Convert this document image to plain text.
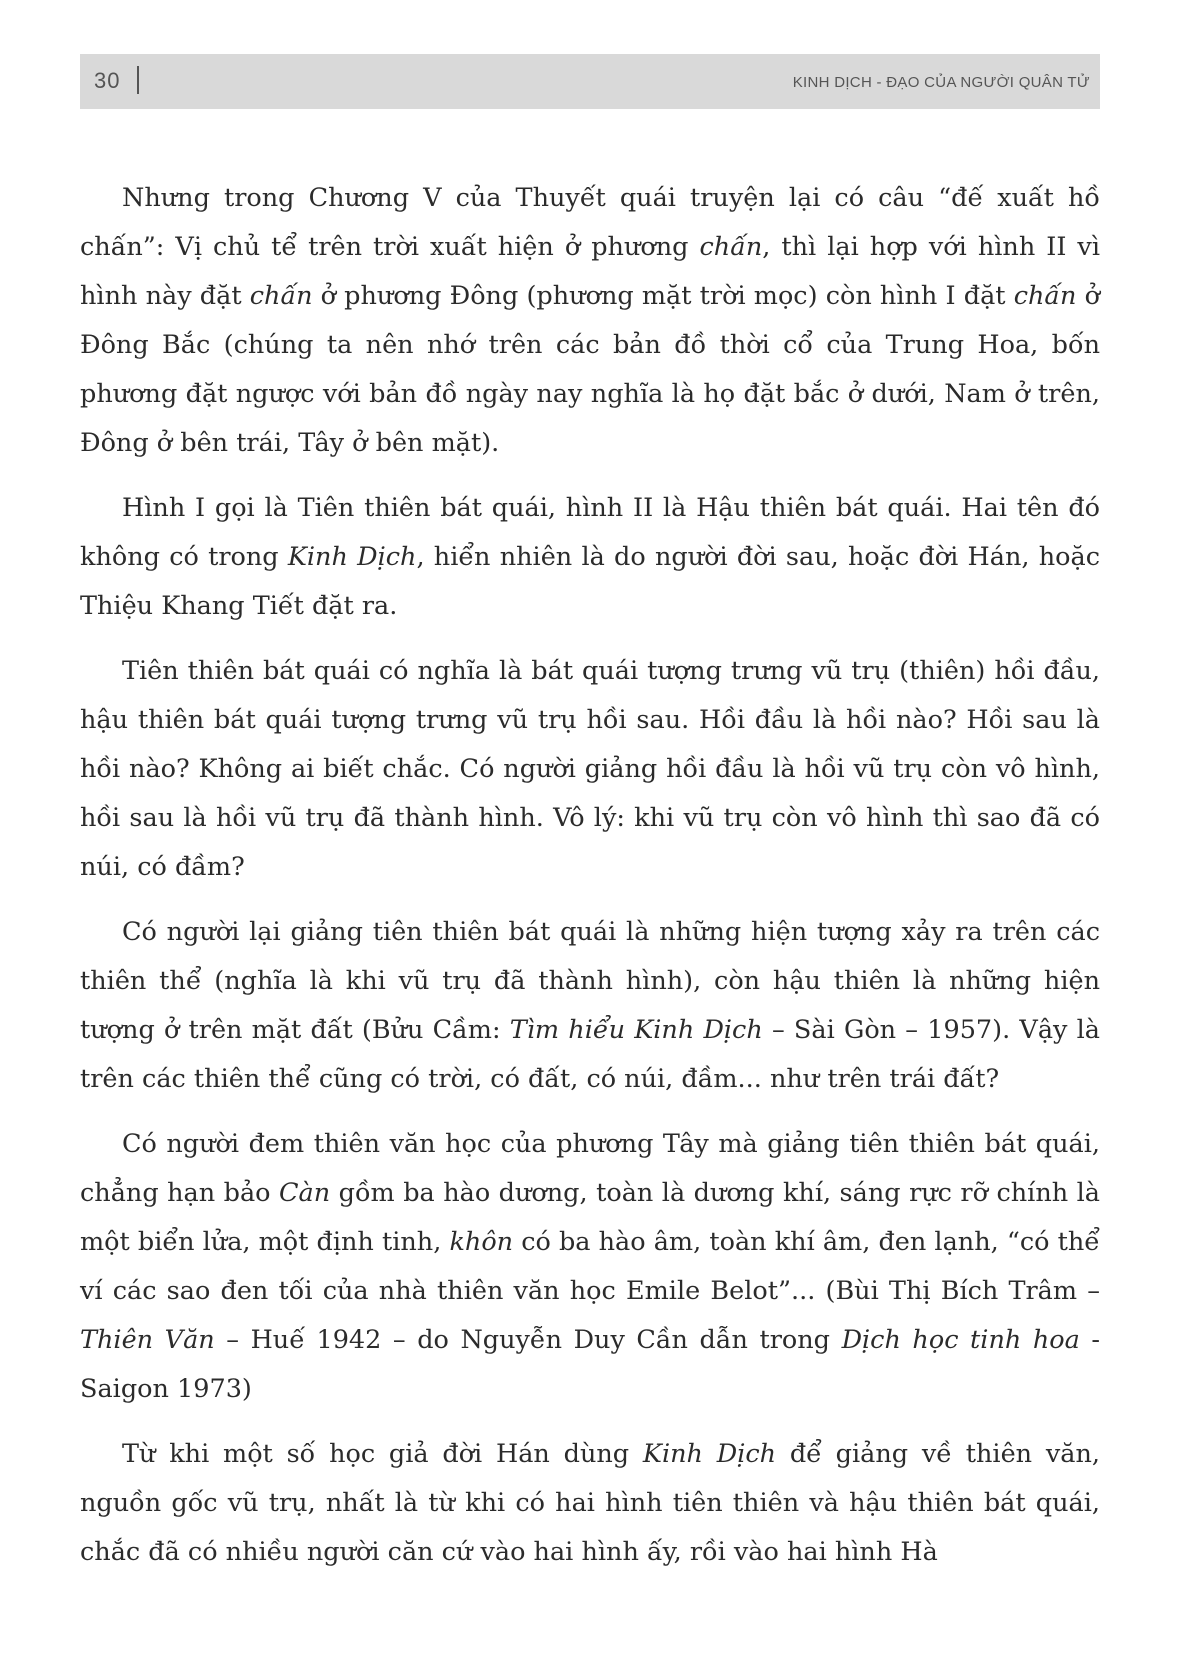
30	KINH DỊCH - ĐẠO CỦA NGƯỜI QUÂN TỬ

Nhưng trong Chương V của Thuyết quái truyện lại có câu “đế xuất hồ chấn”: Vị chủ tể trên trời xuất hiện ở phương chấn, thì lại hợp với hình II vì hình này đặt chấn ở phương Đông (phương mặt trời mọc) còn hình I đặt chấn ở Đông Bắc (chúng ta nên nhớ trên các bản đồ thời cổ của Trung Hoa, bốn phương đặt ngược với bản đồ ngày nay nghĩa là họ đặt bắc ở dưới, Nam ở trên, Đông ở bên trái, Tây ở bên mặt).

Hình I gọi là Tiên thiên bát quái, hình II là Hậu thiên bát quái. Hai tên đó không có trong Kinh Dịch, hiển nhiên là do người đời sau, hoặc đời Hán, hoặc Thiệu Khang Tiết đặt ra.

Tiên thiên bát quái có nghĩa là bát quái tượng trưng vũ trụ (thiên) hồi đầu, hậu thiên bát quái tượng trưng vũ trụ hồi sau. Hồi đầu là hồi nào? Hồi sau là hồi nào? Không ai biết chắc. Có người giảng hồi đầu là hồi vũ trụ còn vô hình, hồi sau là hồi vũ trụ đã thành hình. Vô lý: khi vũ trụ còn vô hình thì sao đã có núi, có đầm?

Có người lại giảng tiên thiên bát quái là những hiện tượng xảy ra trên các thiên thể (nghĩa là khi vũ trụ đã thành hình), còn hậu thiên là những hiện tượng ở trên mặt đất (Bửu Cầm: Tìm hiểu Kinh Dịch – Sài Gòn – 1957). Vậy là trên các thiên thể cũng có trời, có đất, có núi, đầm... như trên trái đất?

Có người đem thiên văn học của phương Tây mà giảng tiên thiên bát quái, chẳng hạn bảo Càn gồm ba hào dương, toàn là dương khí, sáng rực rỡ chính là một biển lửa, một định tinh, khôn có ba hào âm, toàn khí âm, đen lạnh, “có thể ví các sao đen tối của nhà thiên văn học Emile Belot”... (Bùi Thị Bích Trâm – Thiên Văn – Huế 1942 – do Nguyễn Duy Cần dẫn trong Dịch học tinh hoa - Saigon 1973)

Từ khi một số học giả đời Hán dùng Kinh Dịch để giảng về thiên văn, nguồn gốc vũ trụ, nhất là từ khi có hai hình tiên thiên và hậu thiên bát quái, chắc đã có nhiều người căn cứ vào hai hình ấy, rồi vào hai hình Hà
